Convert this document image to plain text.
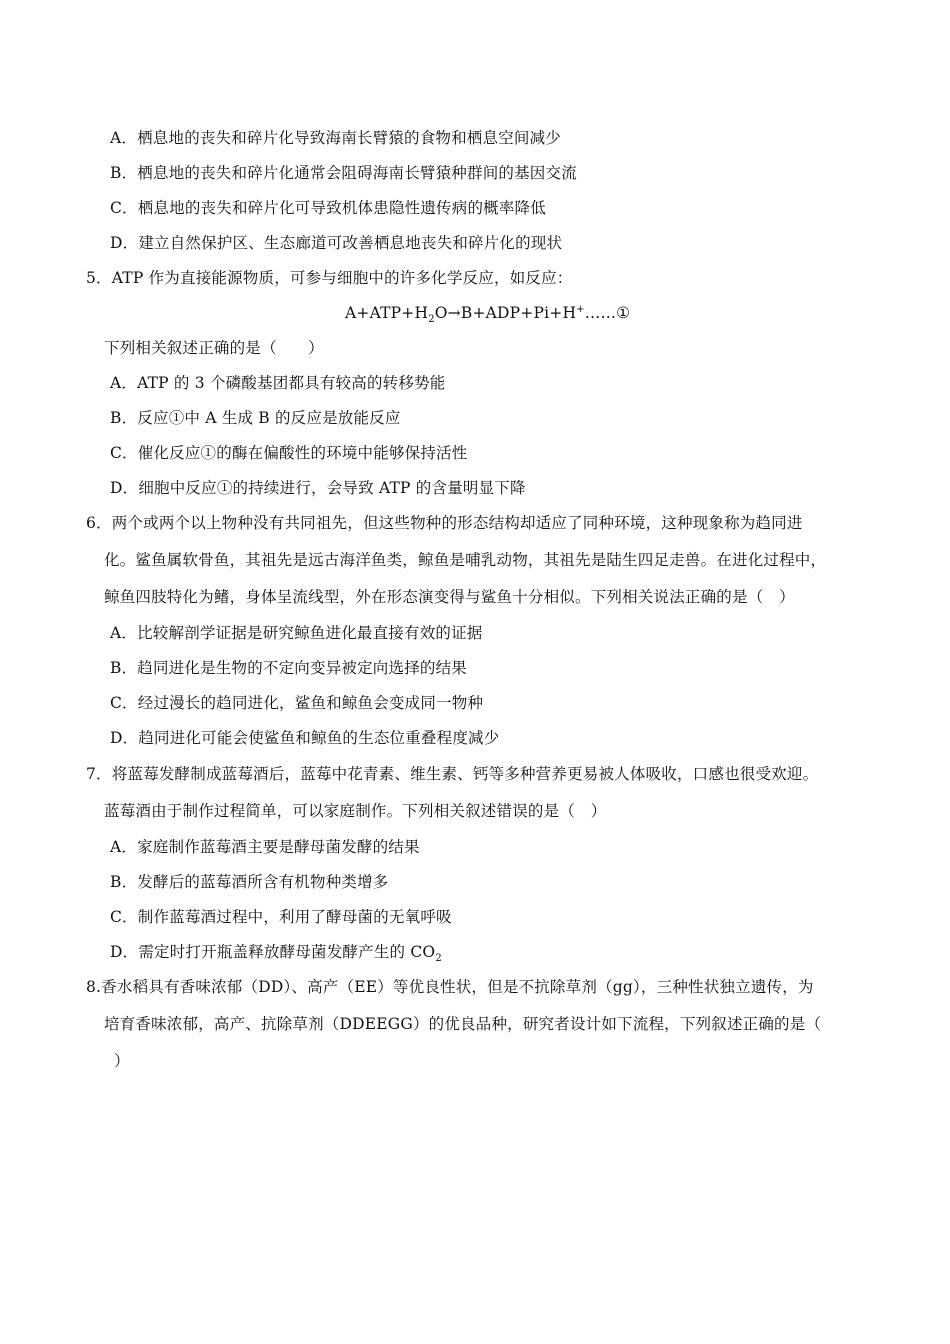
A．栖息地的丧失和碎片化导致海南长臂猿的食物和栖息空间减少
B．栖息地的丧失和碎片化通常会阻碍海南长臂猿种群间的基因交流
C．栖息地的丧失和碎片化可导致机体患隐性遗传病的概率降低
D．建立自然保护区、生态廊道可改善栖息地丧失和碎片化的现状
5．ATP 作为直接能源物质，可参与细胞中的许多化学反应，如反应：
$A+ATP+H_2O\to B+ADP+Pi+H^+\dots\dots ①$
下列相关叙述正确的是（　　）
A．ATP 的 3 个磷酸基团都具有较高的转移势能
B．反应①中 A 生成 B 的反应是放能反应
C．催化反应①的酶在偏酸性的环境中能够保持活性
D．细胞中反应①的持续进行，会导致 ATP 的含量明显下降
6．两个或两个以上物种没有共同祖先，但这些物种的形态结构却适应了同种环境，这种现象称为趋同进
化。鲨鱼属软骨鱼，其祖先是远古海洋鱼类，鲸鱼是哺乳动物，其祖先是陆生四足走兽。在进化过程中，
鲸鱼四肢特化为鳍，身体呈流线型，外在形态演变得与鲨鱼十分相似。下列相关说法正确的是（　）
A．比较解剖学证据是研究鲸鱼进化最直接有效的证据
B．趋同进化是生物的不定向变异被定向选择的结果
C．经过漫长的趋同进化，鲨鱼和鲸鱼会变成同一物种
D．趋同进化可能会使鲨鱼和鲸鱼的生态位重叠程度减少
7．将蓝莓发酵制成蓝莓酒后，蓝莓中花青素、维生素、钙等多种营养更易被人体吸收，口感也很受欢迎。
蓝莓酒由于制作过程简单，可以家庭制作。下列相关叙述错误的是（　）
A．家庭制作蓝莓酒主要是酵母菌发酵的结果
B．发酵后的蓝莓酒所含有机物种类增多
C．制作蓝莓酒过程中，利用了酵母菌的无氧呼吸
D．需定时打开瓶盖释放酵母菌发酵产生的 $CO_2$
8.香水稻具有香味浓郁（DD）、高产（EE）等优良性状，但是不抗除草剂（gg），三种性状独立遗传，为
培育香味浓郁，高产、抗除草剂（DDEEGG）的优良品种，研究者设计如下流程，下列叙述正确的是（
）
